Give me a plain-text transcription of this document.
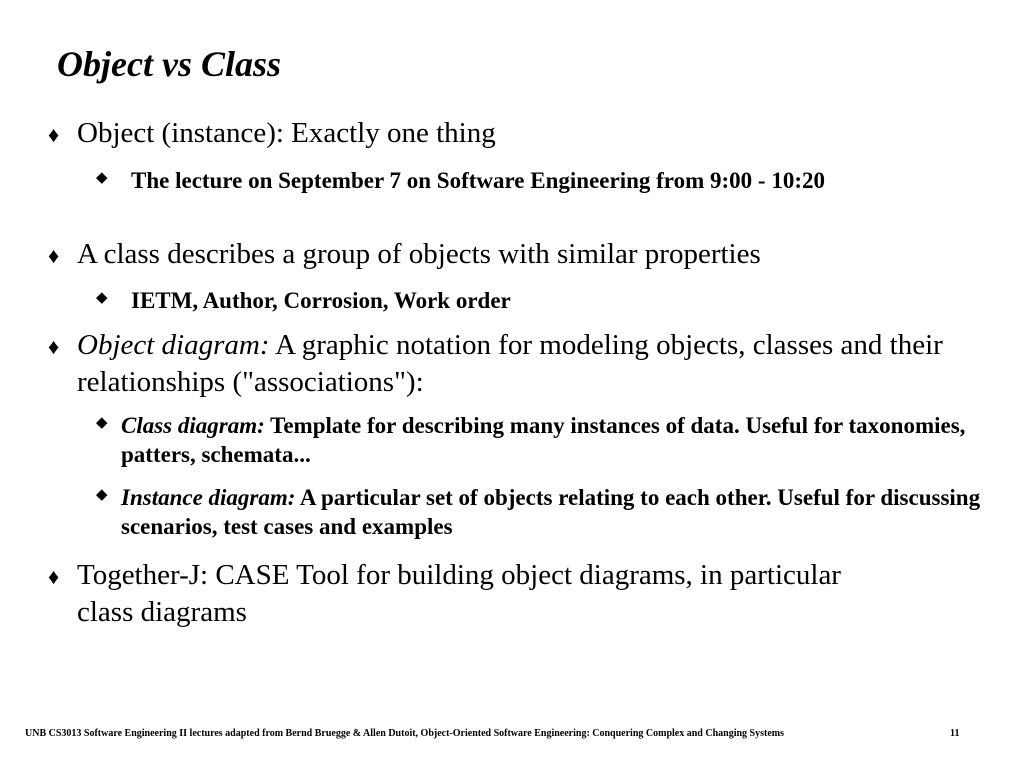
Object vs Class
♦ Object (instance): Exactly one thing
◆ The lecture on September 7 on Software Engineering from 9:00 - 10:20
♦ A class describes a group of objects with similar properties
◆ IETM, Author, Corrosion, Work order
♦ Object diagram: A graphic notation for modeling objects, classes and their relationships ("associations"):
◆ Class diagram: Template for describing many instances of data. Useful for taxonomies, patters, schemata...
◆ Instance diagram: A particular set of objects relating to each other. Useful for discussing scenarios, test cases and examples
♦ Together-J: CASE Tool for building object diagrams, in particular class diagrams
UNB CS3013 Software Engineering II lectures adapted from Bernd Bruegge & Allen Dutoit, Object-Oriented Software Engineering: Conquering Complex and Changing Systems	11
